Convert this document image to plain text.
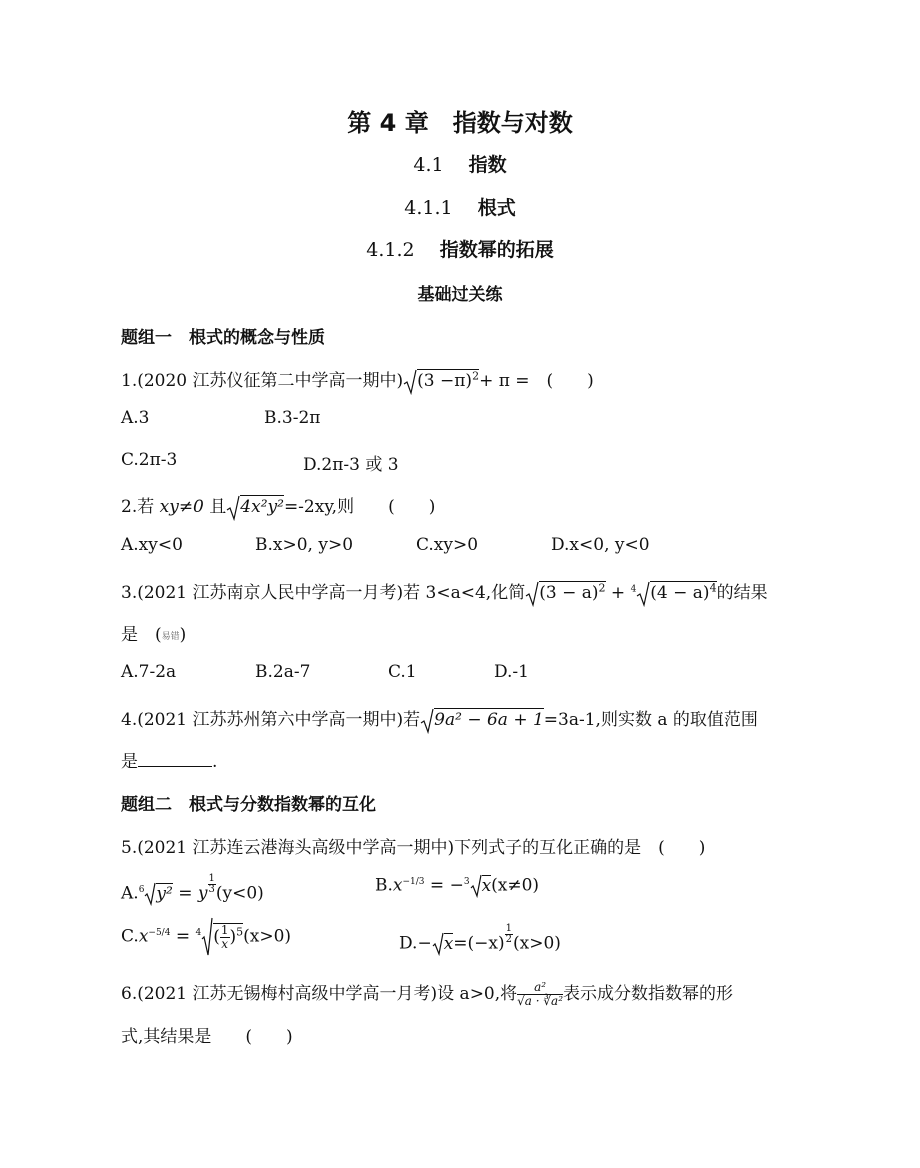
第 4 章　指数与对数
4.1　 指数
4.1.1　 根式
4.1.2　 指数幂的拓展
基础过关练
题组一　根式的概念与性质
1.(2020 江苏仪征第二中学高一期中) $(3 -\pi)^2+ \pi$ =　(　　)
A.3	B.3-2π
C.2π-3	D.2π-3 或 3
2.若 xy≠0 且 4x²y²=-2xy,则　　(　　)
A.xy<0	B.x>0, y>0	C.xy>0	D.x<0, y<0
3.(2021 江苏南京人民中学高一月考)若 3<a<4,化简 $(3 - a)^2 + ^4$ $(4 - a)^4$的结果
是　(易错)
A.7-2a	B.2a-7	C.1	D.-1
4.(2021 江苏苏州第六中学高一期中)若 9a² − 6a + 1=3a-1,则实数 a 的取值范围
是	.
题组二　根式与分数指数幂的互化
5.(2021 江苏连云港海头高级中学高一期中)下列式子的互化正确的是　(　　)
A.$^6$ y² = y $\frac{1}{3} (y<0)$	$B.x^{-1/3} = -^3$ x(x≠0)
$C.x^{-5/4} = ^4$ ( $\frac{1}{x} )^5(x>0)$	$D.- x=(-x) \frac{1}{2} (x>0)$
6.(2021 江苏无锡梅村高级中学高一月考)设 a>0,将 $\frac{\text{a²}}{\text{√a · ∛a²}}$ 表示成分数指数幂的形
式,其结果是　　(　　)
